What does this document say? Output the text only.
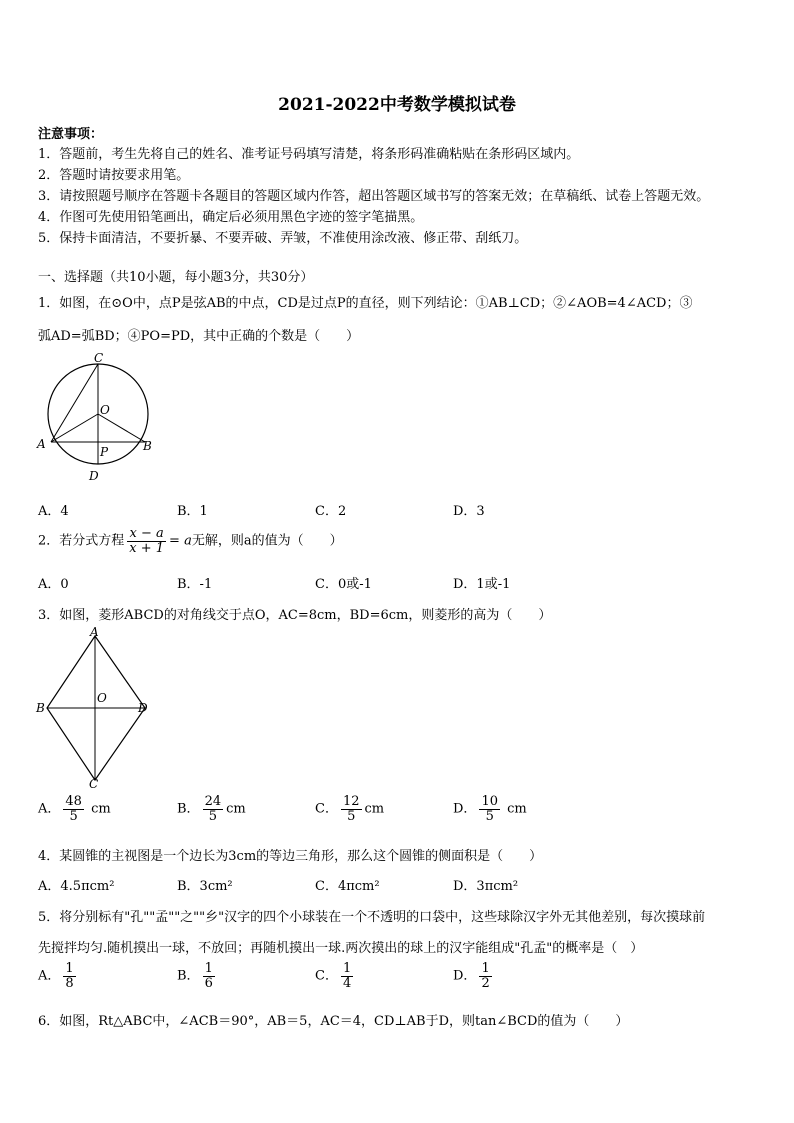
2021-2022中考数学模拟试卷
注意事项：
1．答题前，考生先将自己的姓名、准考证号码填写清楚，将条形码准确粘贴在条形码区域内。
2．答题时请按要求用笔。
3．请按照题号顺序在答题卡各题目的答题区域内作答，超出答题区域书写的答案无效；在草稿纸、试卷上答题无效。
4．作图可先使用铅笔画出，确定后必须用黑色字迹的签字笔描黑。
5．保持卡面清洁，不要折暴、不要弄破、弄皱，不准使用涂改液、修正带、刮纸刀。
一、选择题（共10小题，每小题3分，共30分）
1．如图，在⊙O中，点P是弦AB的中点，CD是过点P的直径，则下列结论：①AB⊥CD；②∠AOB=4∠ACD；③
弧AD=弧BD；④PO=PD，其中正确的个数是（　　）
C
O
A	B
P
D
A．4	B．1	C．2	D．3
2．若分式方程 $\frac{x - a}{x + 1} = a$无解，则a的值为（　　）
A．0	B．-1	C．0或-1	D．1或-1
3．如图，菱形ABCD的对角线交于点O，AC=8cm，BD=6cm，则菱形的高为（　　）
A
B
O
D
C
A． $\frac{48}{5}$ cm	B． $\frac{24}{5}$ cm	C． $\frac{12}{5}$ cm	D． $\frac{10}{5}$ cm
4．某圆锥的主视图是一个边长为3cm的等边三角形，那么这个圆锥的侧面积是（　　）
A．4.5πcm²	B．3cm²	C．4πcm²	D．3πcm²
5．将分别标有"孔""孟""之""乡"汉字的四个小球装在一个不透明的口袋中，这些球除汉字外无其他差别，每次摸球前
先搅拌均匀.随机摸出一球，不放回；再随机摸出一球.两次摸出的球上的汉字能组成"孔孟"的概率是（　）
A． $\frac{1}{8}$	B． $\frac{1}{6}$	C． $\frac{1}{4}$	D． $\frac{1}{2}$
6．如图，Rt△ABC中，∠ACB＝90°，AB＝5，AC＝4，CD⊥AB于D，则tan∠BCD的值为（　　）
